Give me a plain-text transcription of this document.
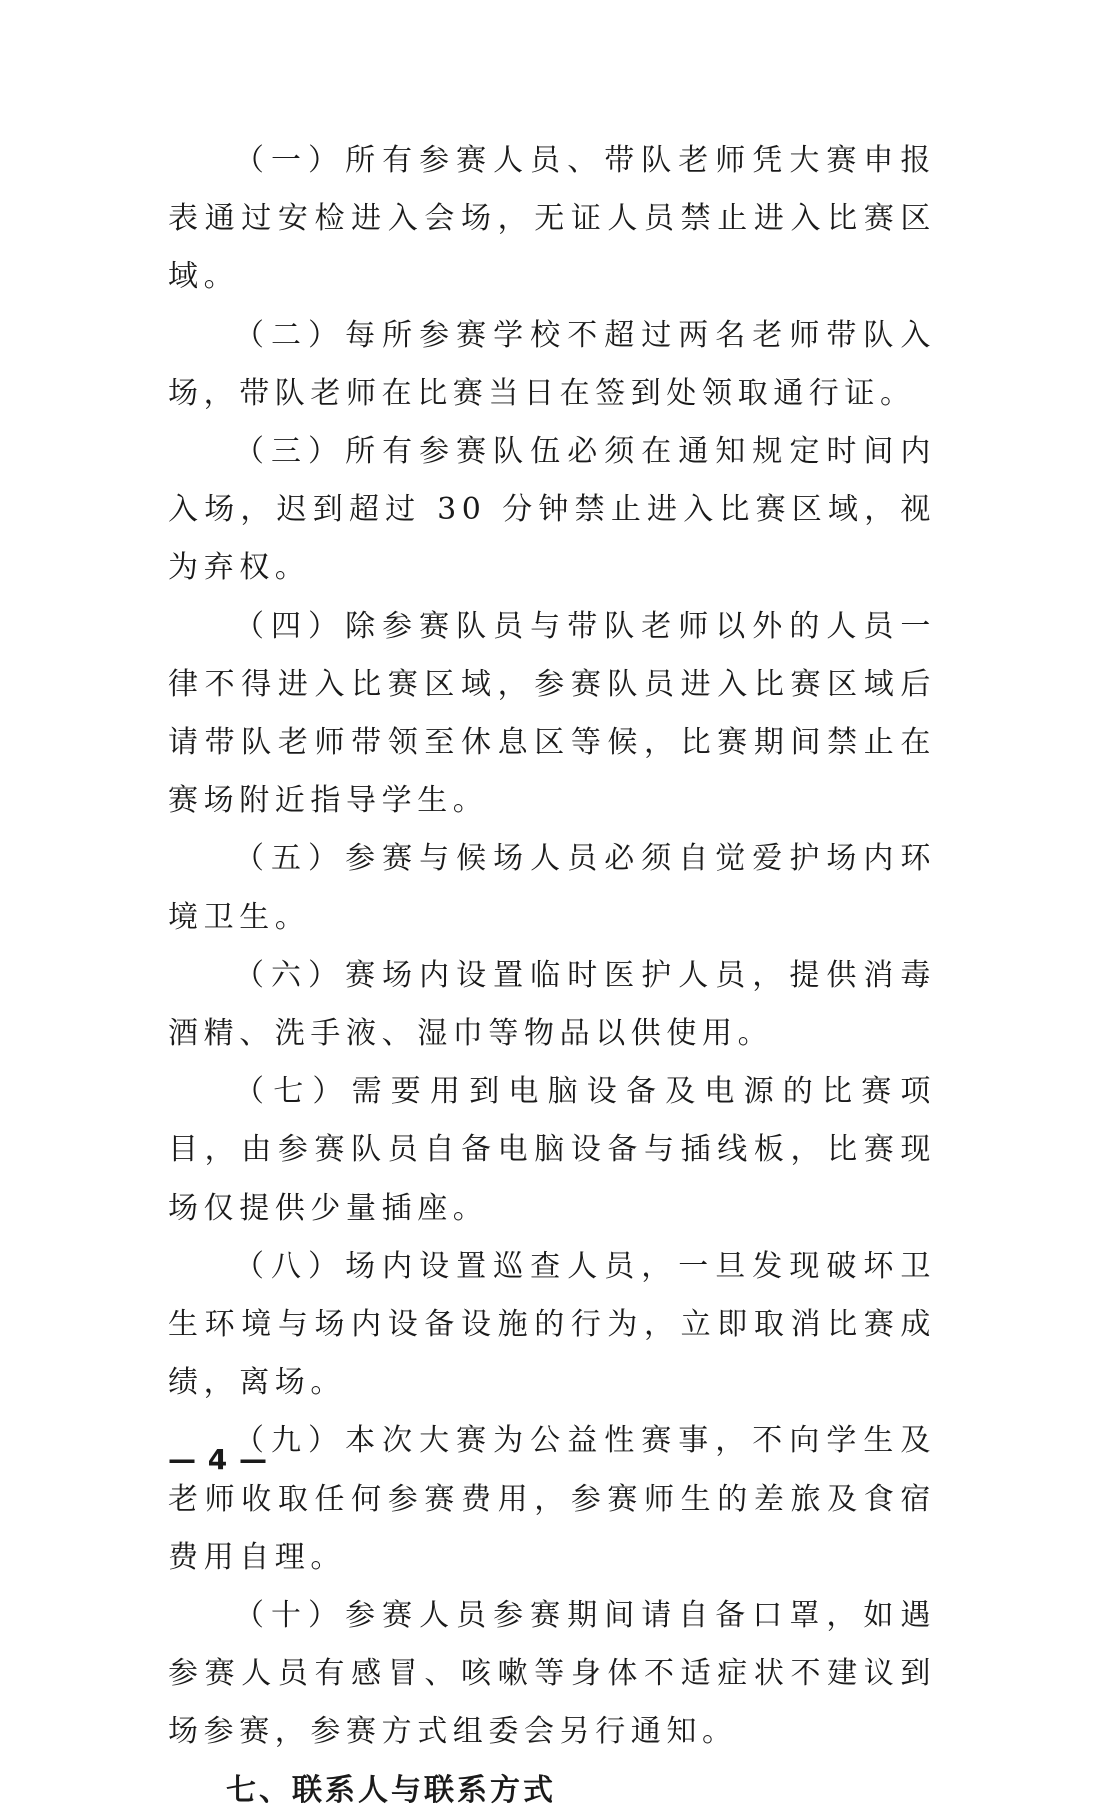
（一）所有参赛人员、带队老师凭大赛申报表通过安检进入会场，无证人员禁止进入比赛区域。

（二）每所参赛学校不超过两名老师带队入场，带队老师在比赛当日在签到处领取通行证。

（三）所有参赛队伍必须在通知规定时间内入场，迟到超过 30 分钟禁止进入比赛区域，视为弃权。

（四）除参赛队员与带队老师以外的人员一律不得进入比赛区域，参赛队员进入比赛区域后请带队老师带领至休息区等候，比赛期间禁止在赛场附近指导学生。

（五）参赛与候场人员必须自觉爱护场内环境卫生。

（六）赛场内设置临时医护人员，提供消毒酒精、洗手液、湿巾等物品以供使用。

（七）需要用到电脑设备及电源的比赛项目，由参赛队员自备电脑设备与插线板，比赛现场仅提供少量插座。

（八）场内设置巡查人员，一旦发现破坏卫生环境与场内设备设施的行为，立即取消比赛成绩，离场。

（九）本次大赛为公益性赛事，不向学生及老师收取任何参赛费用，参赛师生的差旅及食宿费用自理。

（十）参赛人员参赛期间请自备口罩，如遇参赛人员有感冒、咳嗽等身体不适症状不建议到场参赛，参赛方式组委会另行通知。

七、联系人与联系方式

— 4 —
